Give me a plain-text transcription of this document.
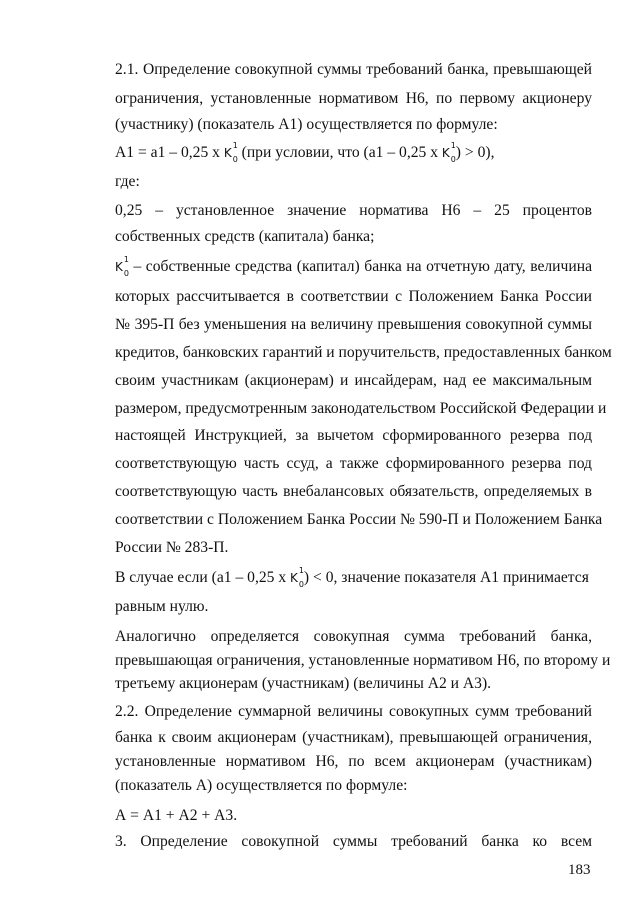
2.1. Определение совокупной суммы требований банка, превышающей
ограничения, установленные нормативом Н6, по первому акционеру
(участнику) (показатель А1) осуществляется по формуле:
А1 = а1 – 0,25 x K
1
0 (при условии, что (а1 – 0,25 x K
1
0 ) > 0),
где:
0,25 – установленное значение норматива Н6 – 25 процентов
собственных средств (капитала) банка;
K
1
0 – собственные средства (капитал) банка на отчетную дату, величина
которых рассчитывается в соответствии с Положением Банка России
№ 395-П без уменьшения на величину превышения совокупной суммы
кредитов, банковских гарантий и поручительств, предоставленных банком
своим участникам (акционерам) и инсайдерам, над ее максимальным
размером, предусмотренным законодательством Российской Федерации и
настоящей Инструкцией, за вычетом сформированного резерва под
соответствующую часть ссуд, а также сформированного резерва под
соответствующую часть внебалансовых обязательств, определяемых в
соответствии с Положением Банка России № 590-П и Положением Банка
России № 283-П.
В случае если (а1 – 0,25 x K
1
0 ) < 0, значение показателя А1 принимается
равным нулю.
Аналогично определяется совокупная сумма требований банка,
превышающая ограничения, установленные нормативом Н6, по второму и
третьему акционерам (участникам) (величины А2 и А3).
2.2. Определение суммарной величины совокупных сумм требований
банка к своим акционерам (участникам), превышающей ограничения,
установленные нормативом Н6, по всем акционерам (участникам)
(показатель А) осуществляется по формуле:
А = А1 + А2 + А3.
3. Определение совокупной суммы требований банка ко всем
183
